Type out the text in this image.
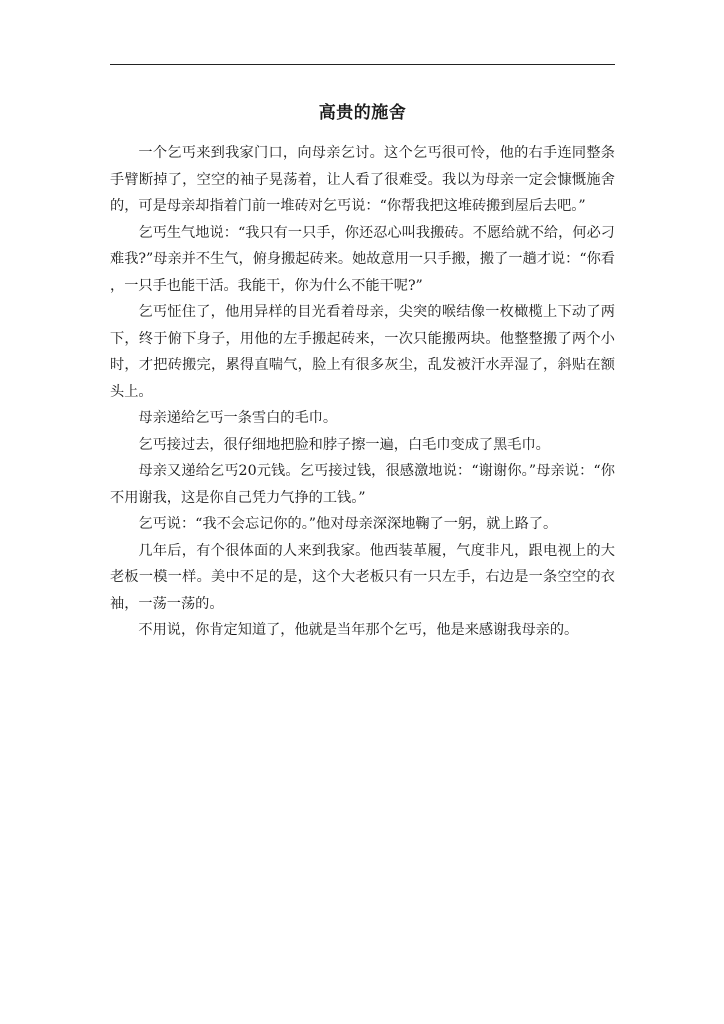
高贵的施舍

一个乞丐来到我家门口，向母亲乞讨。这个乞丐很可怜，他的右手连同整条手臂断掉了，空空的袖子晃荡着，让人看了很难受。我以为母亲一定会慷慨施舍的，可是母亲却指着门前一堆砖对乞丐说：“你帮我把这堆砖搬到屋后去吧。”

乞丐生气地说：“我只有一只手，你还忍心叫我搬砖。不愿给就不给，何必刁难我?”母亲并不生气，俯身搬起砖来。她故意用一只手搬，搬了一趟才说：“你看，一只手也能干活。我能干，你为什么不能干呢?”

乞丐怔住了，他用异样的目光看着母亲，尖突的喉结像一枚橄榄上下动了两下，终于俯下身子，用他的左手搬起砖来，一次只能搬两块。他整整搬了两个小时，才把砖搬完，累得直喘气，脸上有很多灰尘，乱发被汗水弄湿了，斜贴在额头上。

母亲递给乞丐一条雪白的毛巾。

乞丐接过去，很仔细地把脸和脖子擦一遍，白毛巾变成了黑毛巾。

母亲又递给乞丐20元钱。乞丐接过钱，很感激地说：“谢谢你。”母亲说：“你不用谢我，这是你自己凭力气挣的工钱。”

乞丐说：“我不会忘记你的。”他对母亲深深地鞠了一躬，就上路了。

几年后，有个很体面的人来到我家。他西装革履，气度非凡，跟电视上的大老板一模一样。美中不足的是，这个大老板只有一只左手，右边是一条空空的衣袖，一荡一荡的。

不用说，你肯定知道了，他就是当年那个乞丐，他是来感谢我母亲的。
